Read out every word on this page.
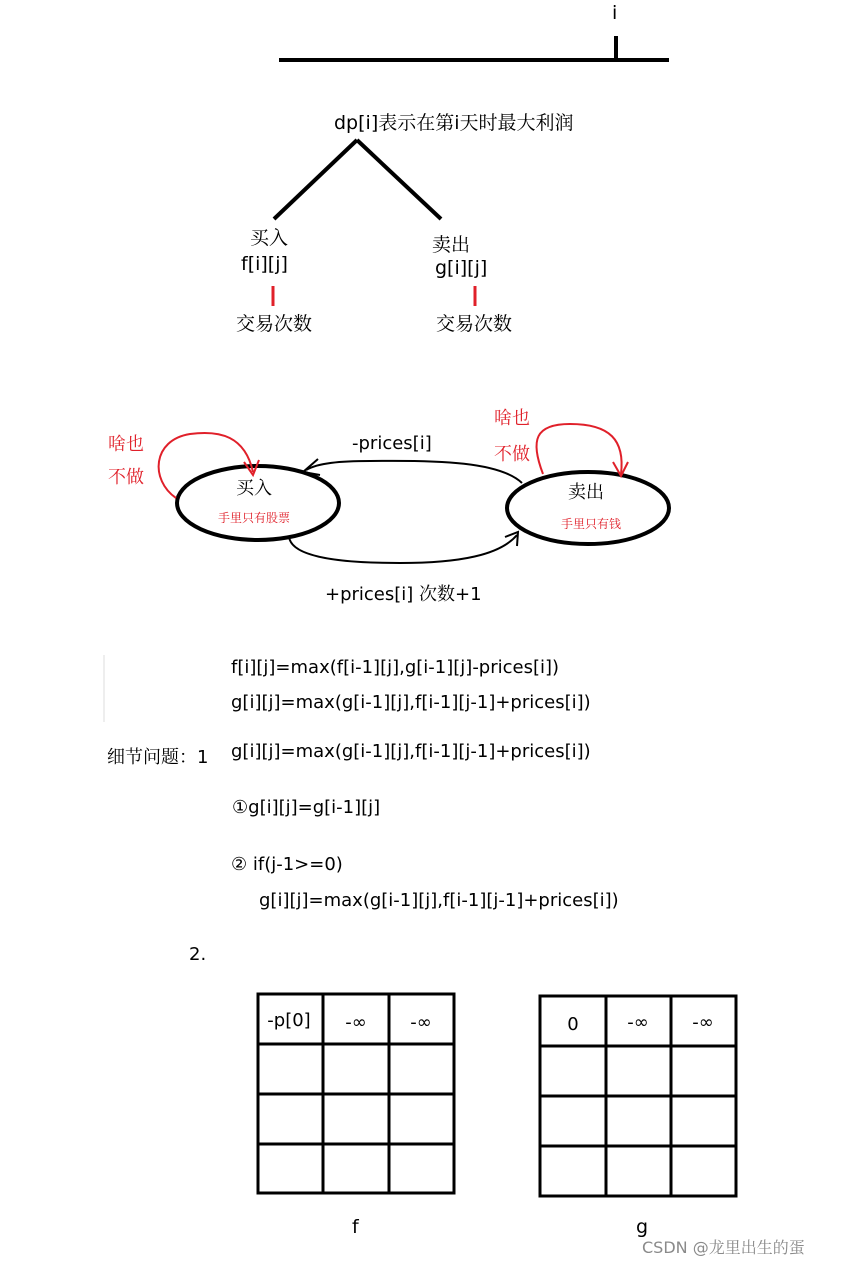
i
dp[i]表示在第i天时最大利润
买入
f[i][j]
交易次数
卖出
g[i][j]
交易次数
啥也
不做
买入
手里只有股票
啥也
不做
卖出
手里只有钱
-prices[i]
+prices[i] 次数+1
f[i][j]=max(f[i-1][j],g[i-1][j]-prices[i])
g[i][j]=max(g[i-1][j],f[i-1][j-1]+prices[i])
细节问题：1 g[i][j]=max(g[i-1][j],f[i-1][j-1]+prices[i])
①g[i][j]=g[i-1][j]
② if(j-1>=0)
g[i][j]=max(g[i-1][j],f[i-1][j-1]+prices[i])
2.
-p[0]	-∞	-∞
f
0	-∞	-∞
g
CSDN @龙里出生的蛋
